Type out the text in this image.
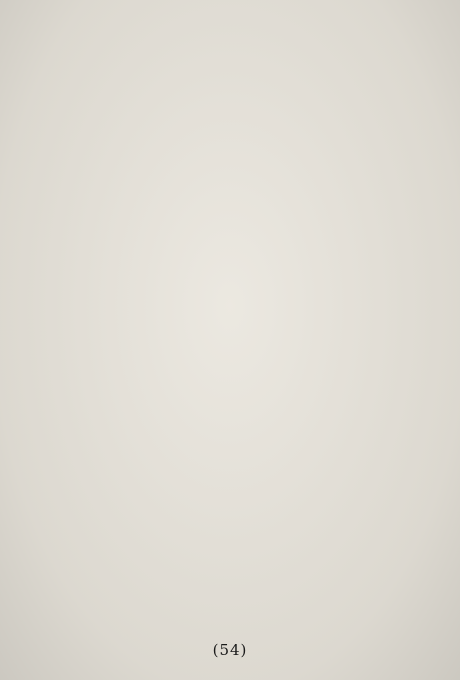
(54)
